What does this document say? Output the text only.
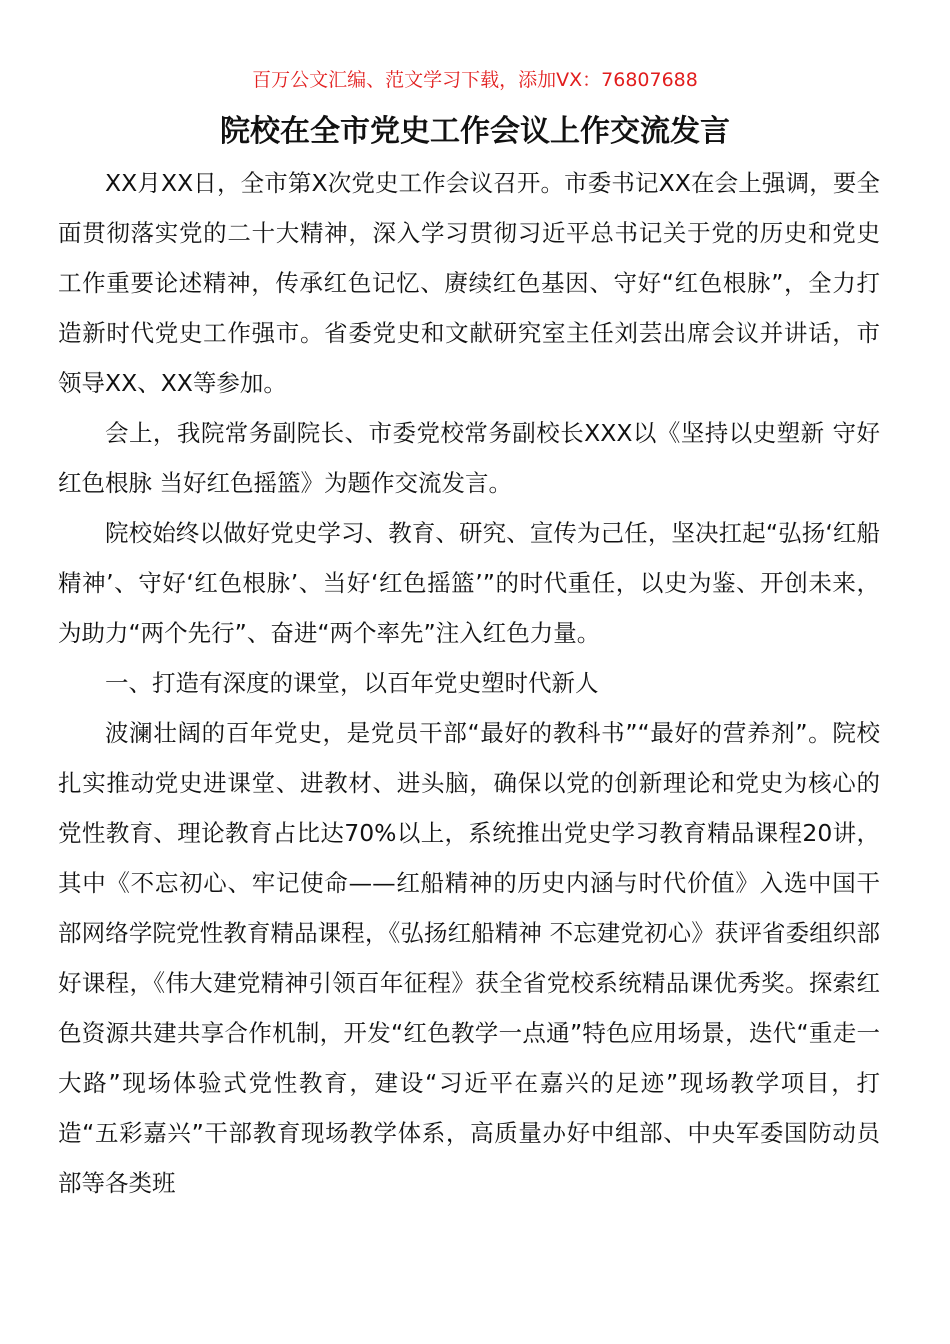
百万公文汇编、范文学习下载，添加VX：76807688
院校在全市党史工作会议上作交流发言

XX月XX日，全市第X次党史工作会议召开。市委书记XX在会上强调，要全面贯彻落实党的二十大精神，深入学习贯彻习近平总书记关于党的历史和党史工作重要论述精神，传承红色记忆、赓续红色基因、守好“红色根脉”，全力打造新时代党史工作强市。省委党史和文献研究室主任刘芸出席会议并讲话，市领导XX、XX等参加。

会上，我院常务副院长、市委党校常务副校长XXX以《坚持以史塑新 守好红色根脉 当好红色摇篮》为题作交流发言。

院校始终以做好党史学习、教育、研究、宣传为己任，坚决扛起“弘扬‘红船精神’、守好‘红色根脉’、当好‘红色摇篮’”的时代重任，以史为鉴、开创未来，为助力“两个先行”、奋进“两个率先”注入红色力量。

一、打造有深度的课堂，以百年党史塑时代新人

波澜壮阔的百年党史，是党员干部“最好的教科书”“最好的营养剂”。院校扎实推动党史进课堂、进教材、进头脑，确保以党的创新理论和党史为核心的党性教育、理论教育占比达70%以上，系统推出党史学习教育精品课程20讲，其中《不忘初心、牢记使命——红船精神的历史内涵与时代价值》入选中国干部网络学院党性教育精品课程，《弘扬红船精神 不忘建党初心》获评省委组织部好课程，《伟大建党精神引领百年征程》获全省党校系统精品课优秀奖。探索红色资源共建共享合作机制，开发“红色教学一点通”特色应用场景，迭代“重走一大路”现场体验式党性教育，建设“习近平在嘉兴的足迹”现场教学项目，打造“五彩嘉兴”干部教育现场教学体系，高质量办好中组部、中央军委国防动员部等各类班
